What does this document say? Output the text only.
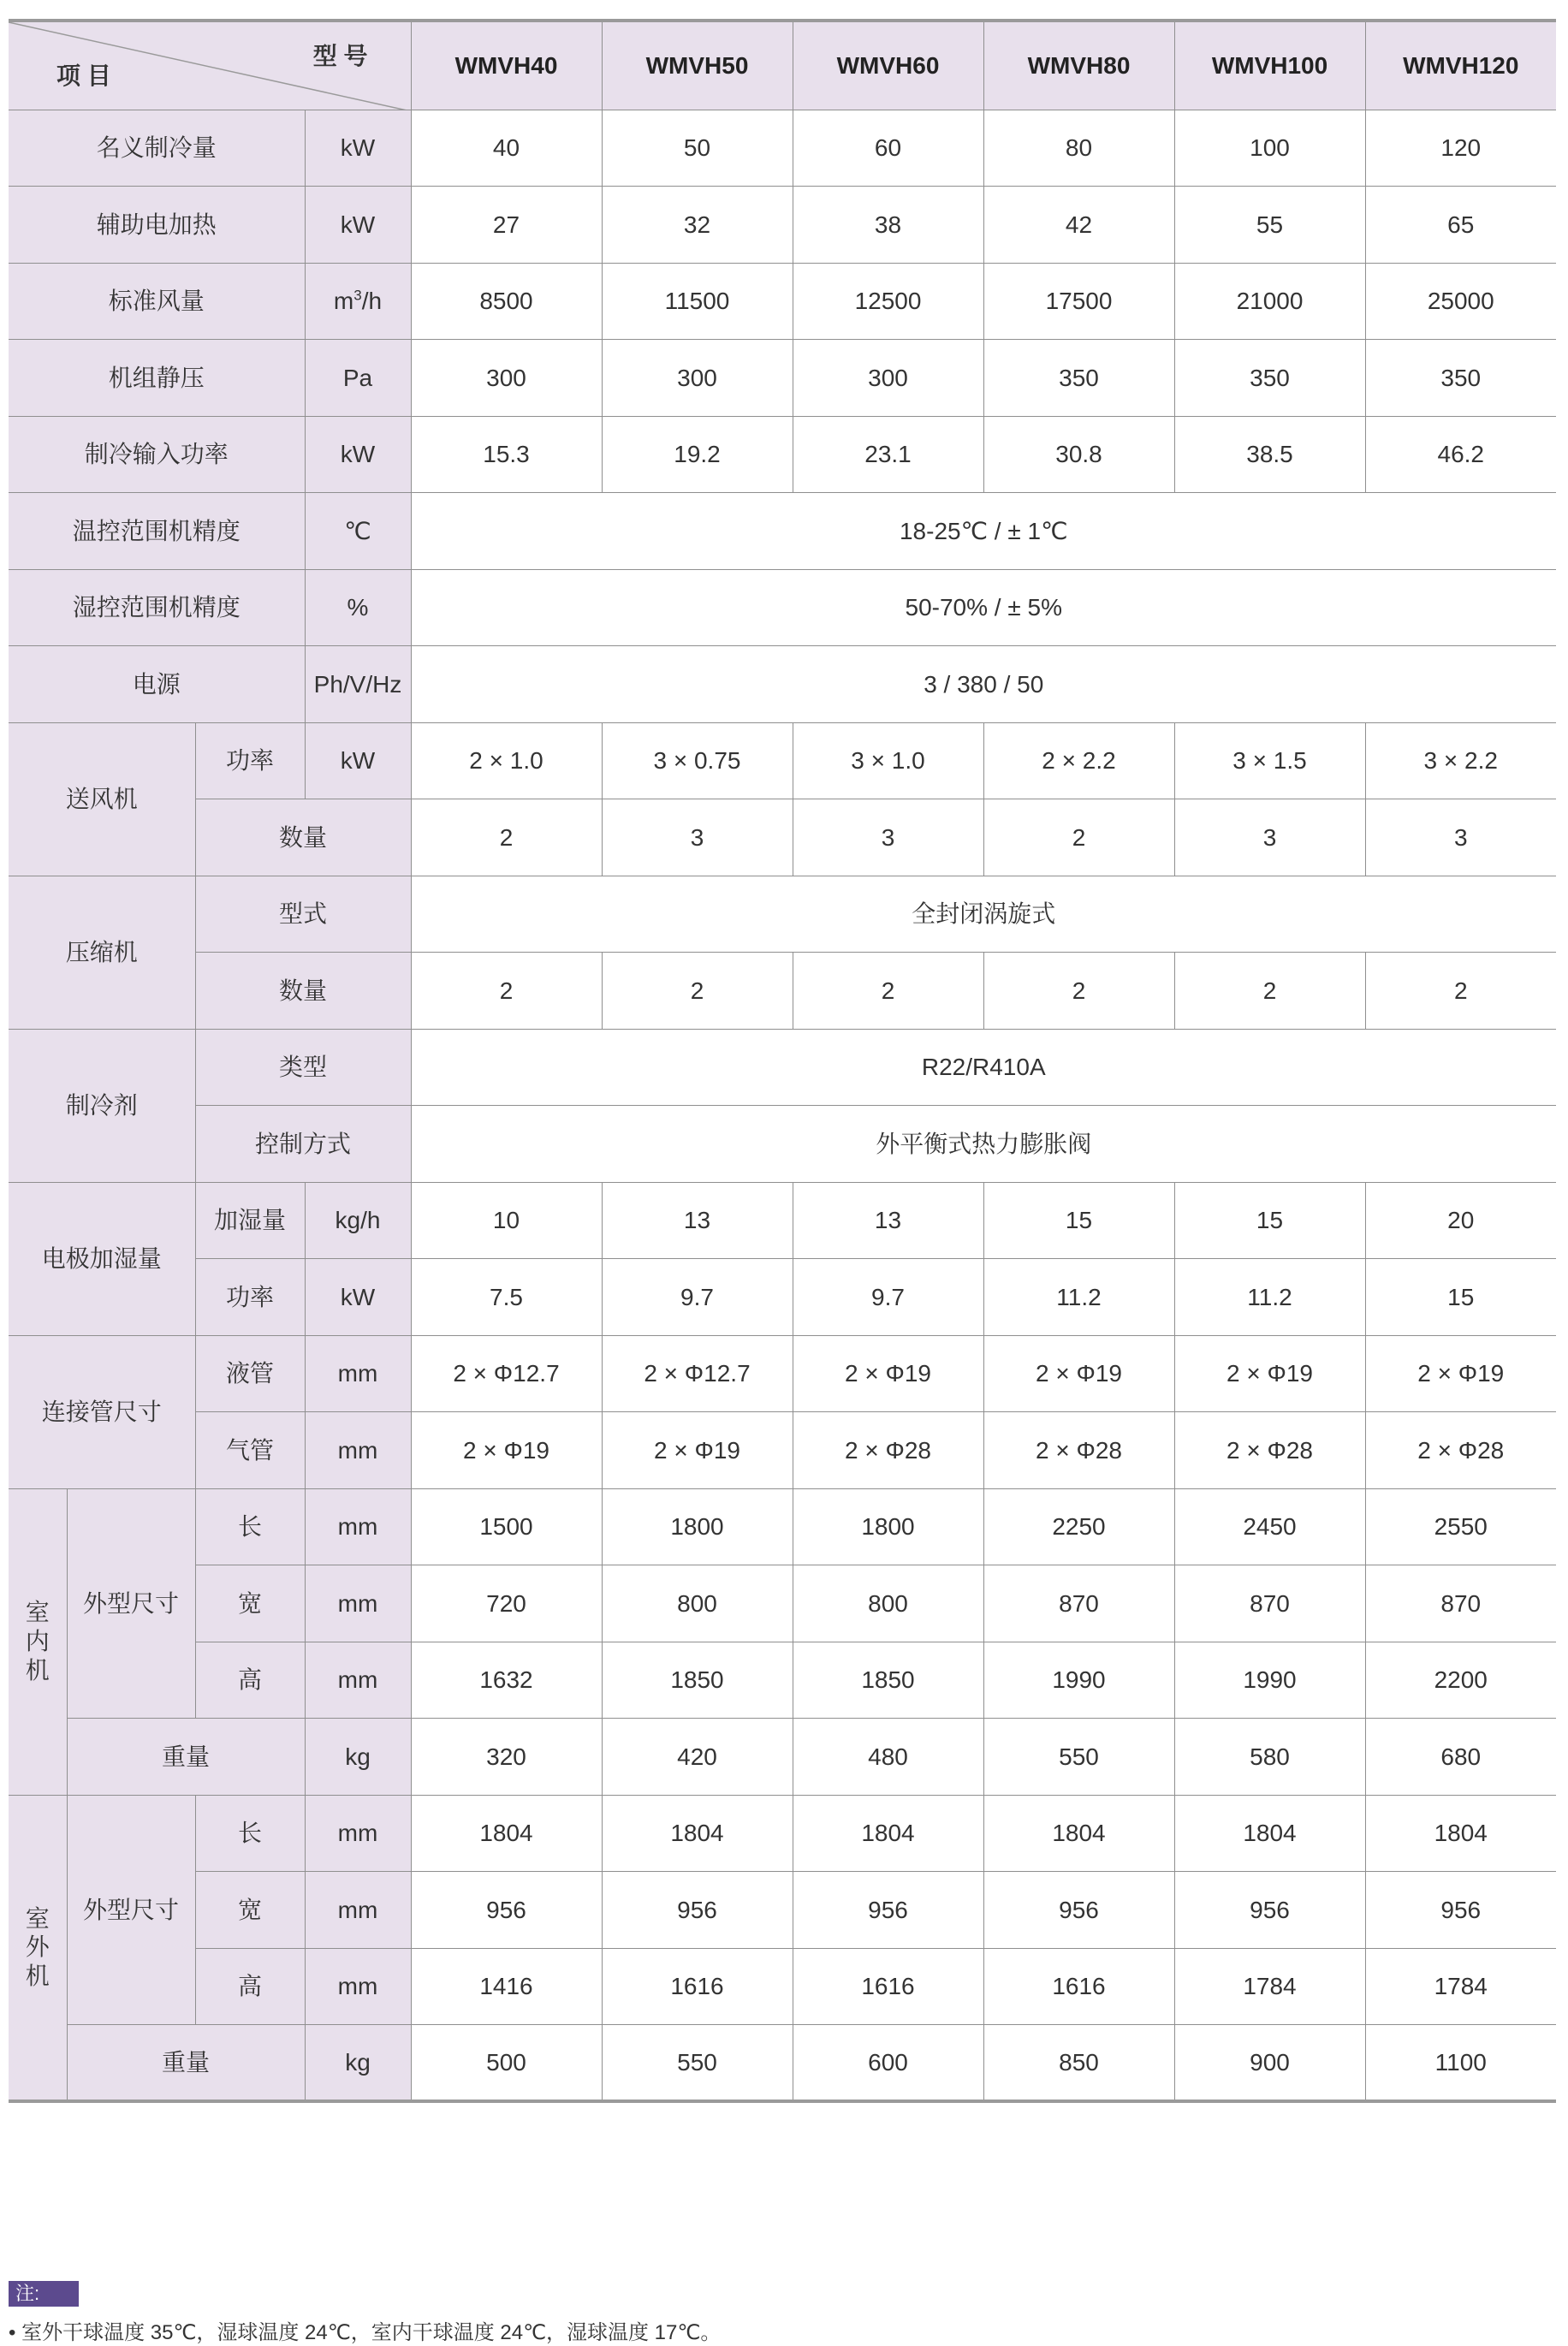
型 号
项 目				WMVH40	WMVH50	WMVH60	WMVH80	WMVH100	WMVH120
名义制冷量			kW	40	50	60	80	100	120
辅助电加热			kW	27	32	38	42	55	65
标准风量			$m^3/h$	8500	11500	12500	17500	21000	25000
机组静压			Pa	300	300	300	350	350	350
制冷输入功率			kW	15.3	19.2	23.1	30.8	38.5	46.2
温控范围机精度			℃	18-25℃ / ± 1℃					
湿控范围机精度			%	50-70% / ± 5%					
电源			Ph/V/Hz	3 / 380 / 50					
送风机		功率	kW	2 × 1.0	3 × 0.75	3 × 1.0	2 × 2.2	3 × 1.5	3 × 2.2
		数量		2	3	3	2	3	3
压缩机		型式		全封闭涡旋式					
		数量		2	2	2	2	2	2
制冷剂		类型		R22/R410A					
		控制方式		外平衡式热力膨胀阀					
电极加湿量		加湿量	kg/h	10	13	13	15	15	20
		功率	kW	7.5	9.7	9.7	11.2	11.2	15
连接管尺寸		液管	mm	2 × Φ12.7	2 × Φ12.7	2 × Φ19	2 × Φ19	2 × Φ19	2 × Φ19
		气管	mm	2 × Φ19	2 × Φ19	2 × Φ28	2 × Φ28	2 × Φ28	2 × Φ28
室内机	外型尺寸	长	mm	1500	1800	1800	2250	2450	2550
		宽	mm	720	800	800	870	870	870
		高	mm	1632	1850	1850	1990	1990	2200
	重量		kg	320	420	480	550	580	680
室外机	外型尺寸	长	mm	1804	1804	1804	1804	1804	1804
		宽	mm	956	956	956	956	956	956
		高	mm	1416	1616	1616	1616	1784	1784
	重量		kg	500	550	600	850	900	1100
注:
• 室外干球温度 35℃，湿球温度 24℃，室内干球温度 24℃，湿球温度 17℃。
